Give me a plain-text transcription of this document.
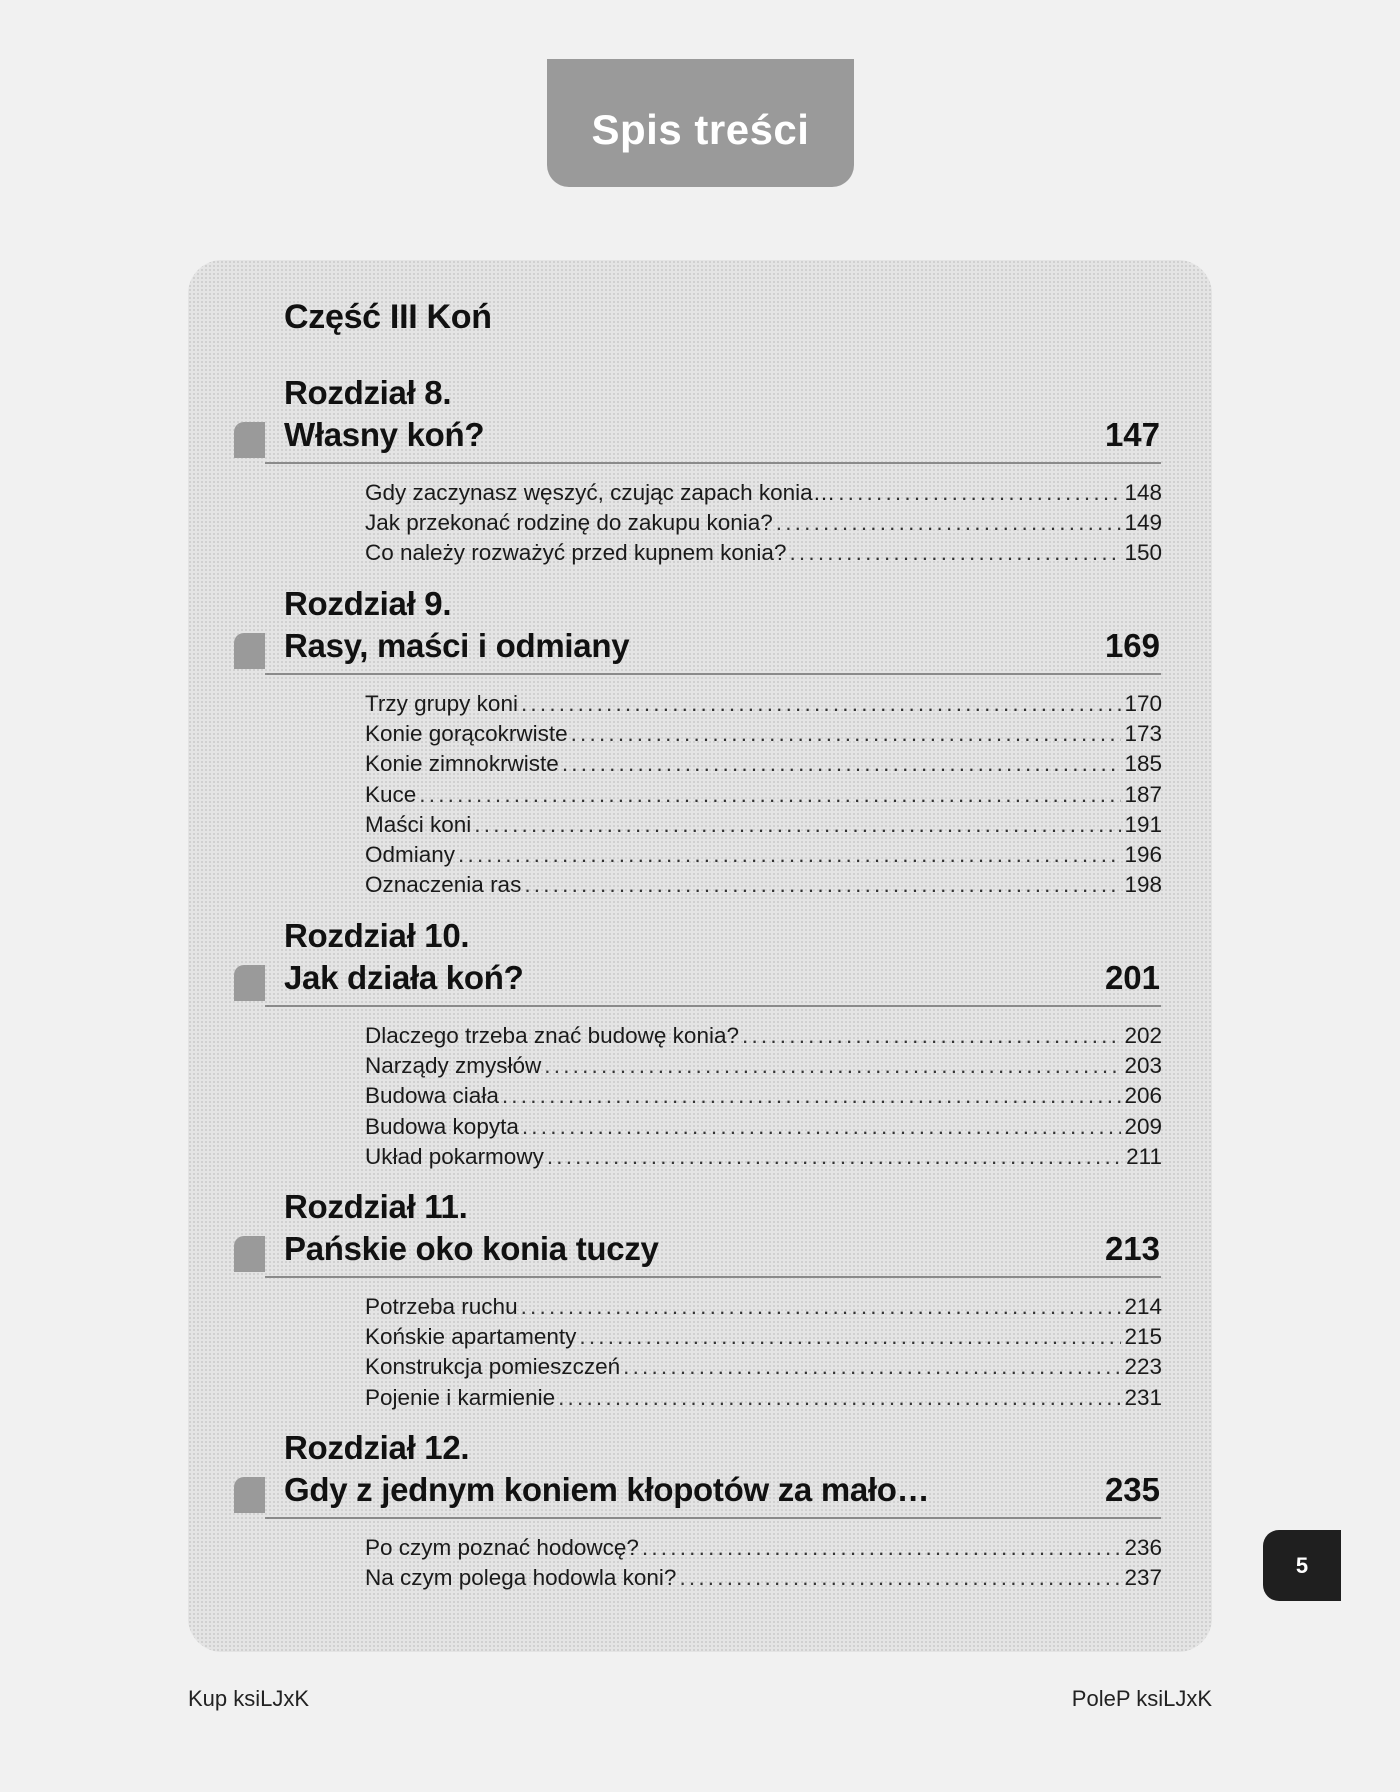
Spis treści
Część III Koń
Rozdział 8.
Własny koń?	147
Gdy zaczynasz węszyć, czując zapach konia… .....	148
Jak przekonać rodzinę do zakupu konia? .....	149
Co należy rozważyć przed kupnem konia? .....	150
Rozdział 9.
Rasy, maści i odmiany	169
Trzy grupy koni .....	170
Konie gorącokrwiste .....	173
Konie zimnokrwiste .....	185
Kuce .....	187
Maści koni .....	191
Odmiany .....	196
Oznaczenia ras .....	198
Rozdział 10.
Jak działa koń?	201
Dlaczego trzeba znać budowę konia? .....	202
Narządy zmysłów .....	203
Budowa ciała .....	206
Budowa kopyta .....	209
Układ pokarmowy .....	211
Rozdział 11.
Pańskie oko konia tuczy	213
Potrzeba ruchu .....	214
Końskie apartamenty .....	215
Konstrukcja pomieszczeń .....	223
Pojenie i karmienie .....	231
Rozdział 12.
Gdy z jednym koniem kłopotów za mało…	235
Po czym poznać hodowcę? .....	236
Na czym polega hodowla koni? .....	237
5
Kup ksiLJxK	PoleP ksiLJxK
